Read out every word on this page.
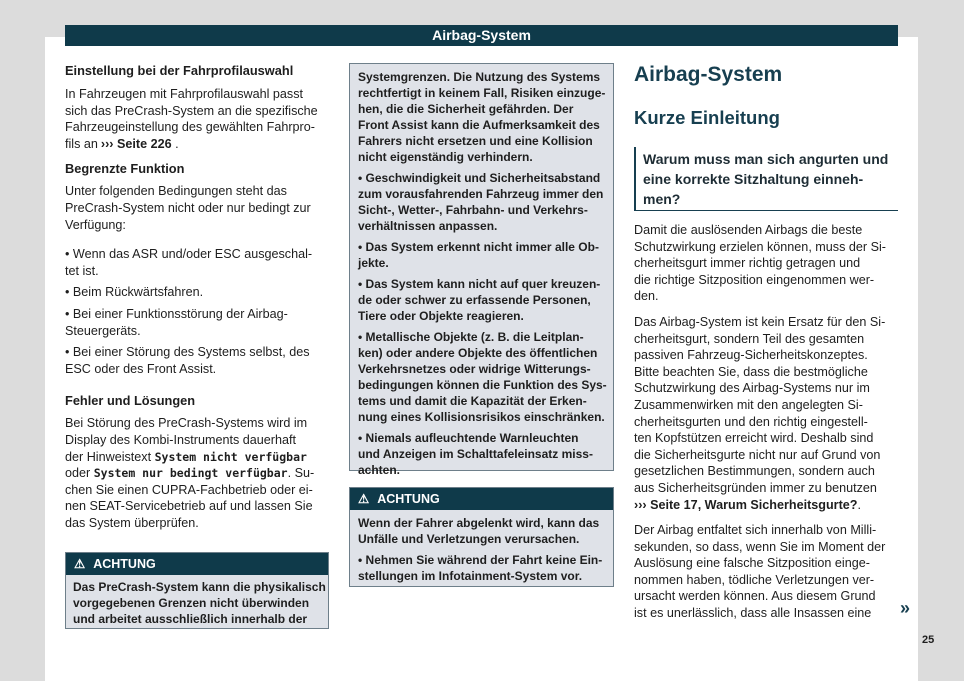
Airbag-System
Einstellung bei der Fahrprofilauswahl
In Fahrzeugen mit Fahrprofilauswahl passt
sich das PreCrash-System an die spezifische
Fahrzeugeinstellung des gewählten Fahrpro-
fils an ››› Seite 226 .
Begrenzte Funktion
Unter folgenden Bedingungen steht das
PreCrash-System nicht oder nur bedingt zur
Verfügung:
• Wenn das ASR und/oder ESC ausgeschal-
tet ist.
• Beim Rückwärtsfahren.
• Bei einer Funktionsstörung der Airbag-
Steuergeräts.
• Bei einer Störung des Systems selbst, des
ESC oder des Front Assist.
Fehler und Lösungen
Bei Störung des PreCrash-Systems wird im
Display des Kombi-Instruments dauerhaft
der Hinweistext System nicht verfügbar
oder System nur bedingt verfügbar. Su-
chen Sie einen CUPRA-Fachbetrieb oder ei-
nen SEAT-Servicebetrieb auf und lassen Sie
das System überprüfen.
⚠ ACHTUNG
Das PreCrash-System kann die physikalisch
vorgegebenen Grenzen nicht überwinden
und arbeitet ausschließlich innerhalb der
Systemgrenzen. Die Nutzung des Systems
rechtfertigt in keinem Fall, Risiken einzuge-
hen, die die Sicherheit gefährden. Der
Front Assist kann die Aufmerksamkeit des
Fahrers nicht ersetzen und eine Kollision
nicht eigenständig verhindern.
• Geschwindigkeit und Sicherheitsabstand
zum vorausfahrenden Fahrzeug immer den
Sicht-, Wetter-, Fahrbahn- und Verkehrs-
verhältnissen anpassen.
• Das System erkennt nicht immer alle Ob-
jekte.
• Das System kann nicht auf quer kreuzen-
de oder schwer zu erfassende Personen,
Tiere oder Objekte reagieren.
• Metallische Objekte (z. B. die Leitplan-
ken) oder andere Objekte des öffentlichen
Verkehrsnetzes oder widrige Witterungs-
bedingungen können die Funktion des Sys-
tems und damit die Kapazität der Erken-
nung eines Kollisionsrisikos einschränken.
• Niemals aufleuchtende Warnleuchten
und Anzeigen im Schalttafeleinsatz miss-
achten.
⚠ ACHTUNG
Wenn der Fahrer abgelenkt wird, kann das
Unfälle und Verletzungen verursachen.
• Nehmen Sie während der Fahrt keine Ein-
stellungen im Infotainment-System vor.
Airbag-System
Kurze Einleitung
Warum muss man sich angurten und
eine korrekte Sitzhaltung einneh-
men?
Damit die auslösenden Airbags die beste
Schutzwirkung erzielen können, muss der Si-
cherheitsgurt immer richtig getragen und
die richtige Sitzposition eingenommen wer-
den.
Das Airbag-System ist kein Ersatz für den Si-
cherheitsgurt, sondern Teil des gesamten
passiven Fahrzeug-Sicherheitskonzeptes.
Bitte beachten Sie, dass die bestmögliche
Schutzwirkung des Airbag-Systems nur im
Zusammenwirken mit den angelegten Si-
cherheitsgurten und den richtig eingestell-
ten Kopfstützen erreicht wird. Deshalb sind
die Sicherheitsgurte nicht nur auf Grund von
gesetzlichen Bestimmungen, sondern auch
aus Sicherheitsgründen immer zu benutzen
››› Seite 17, Warum Sicherheitsgurte?.
Der Airbag entfaltet sich innerhalb von Milli-
sekunden, so dass, wenn Sie im Moment der
Auslösung eine falsche Sitzposition einge-
nommen haben, tödliche Verletzungen ver-
ursacht werden können. Aus diesem Grund
ist es unerlässlich, dass alle Insassen eine	»
25
